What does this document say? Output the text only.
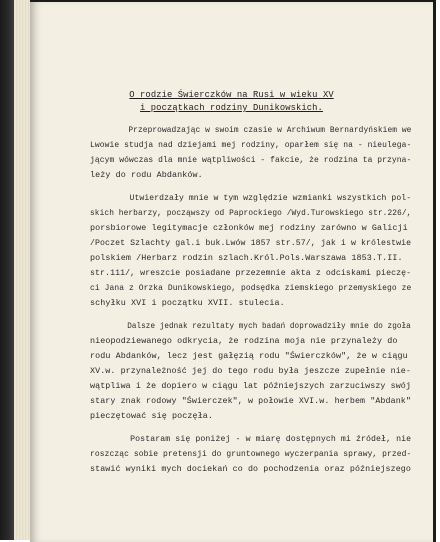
O rodzie Świerczków na Rusi w wieku XV
i początkach rodziny Dunikowskich.
Przeprowadzając w swoim czasie w Archiwum Bernardyńskiem we
Lwowie studja nad dziejami mej rodziny, oparłem się na - nieulega-
jącym wówczas dla mnie wątpliwości - fakcie, że rodzina ta przyna-
leży do rodu Abdanków.
Utwierdzały mnie w tym względzie wzmianki wszystkich pol-
skich herbarzy, począwszy od Paprockiego /Wyd.Turowskiego str.226/,
porsbiorowe legitymacje członków mej rodziny zarówno w Galicji
/Poczet Szlachty gal.i buk.Lwów 1857 str.57/, jak i w królestwie
polskiem /Herbarz rodzin szlach.Król.Pols.Warszawa 1853.T.II.
str.111/, wreszcie posiadane przezemnie akta z odciskami pieczę-
ci Jana z Orzka Dunikowskiego, podsędka ziemskiego przemyskiego ze
schyłku XVI i początku XVII. stulecia.
Dalsze jednak rezultaty mych badań doprowadziły mnie do zgoła
nieopodziewanego odkrycia, że rodzina moja nie przynależy do
rodu Abdanków, lecz jest gałęzią rodu "Świerczków", że w ciągu
XV.w. przynależność jej do tego rodu była jeszcze zupełnie nie-
wątpliwa i że dopiero w ciągu lat późniejszych zarzuciwszy swój
stary znak rodowy "Świerczek", w połowie XVI.w. herbem "Abdank"
pieczętować się poczęła.
Postaram się poniżej - w miarę dostępnych mi źródeł, nie
roszcząc sobie pretensji do gruntownego wyczerpania sprawy, przed-
stawić wyniki mych dociekań co do pochodzenia oraz późniejszego
